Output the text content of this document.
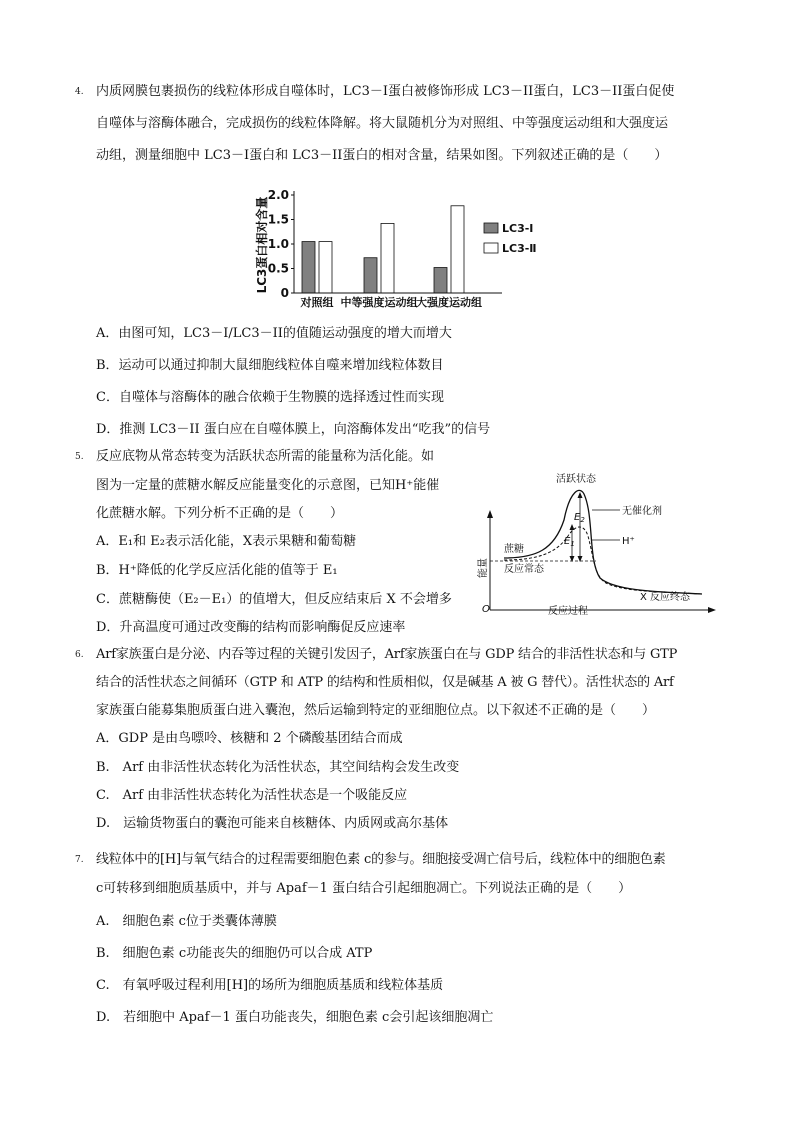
4. 内质网膜包裹损伤的线粒体形成自噬体时，LC3－I蛋白被修饰形成 LC3－II蛋白，LC3－II蛋白促使
自噬体与溶酶体融合，完成损伤的线粒体降解。将大鼠随机分为对照组、中等强度运动组和大强度运
动组，测量细胞中 LC3－I蛋白和 LC3－II蛋白的相对含量，结果如图。下列叙述正确的是（　　）
LC3蛋白相对含量 0
0.5
1.0
1.5
2.0
对照组 中等强度运动组
大强度运动组
LC3-Ⅰ
LC3-Ⅱ
A．由图可知，LC3－I/LC3－II的值随运动强度的增大而增大
B．运动可以通过抑制大鼠细胞线粒体自噬来增加线粒体数目
C．自噬体与溶酶体的融合依赖于生物膜的选择透过性而实现
D．推测 LC3－II 蛋白应在自噬体膜上，向溶酶体发出“吃我”的信号
5. 反应底物从常态转变为活跃状态所需的能量称为活化能。如
图为一定量的蔗糖水解反应能量变化的示意图，已知H⁺能催
化蔗糖水解。下列分析不正确的是（　　）
A．E₁和 E₂表示活化能，X表示果糖和葡萄糖
B．H⁺降低的化学反应活化能的值等于 E₁
C．蔗糖酶使（E₂－E₁）的值增大，但反应结束后 X 不会增多
D．升高温度可通过改变酶的结构而影响酶促反应速率
O
能量
反应过程
活跃状态
无催化剂
H⁺
$E_2$
$E_1$
蔗糖
反应常态
X 反应终态
6. Arf家族蛋白是分泌、内吞等过程的关键引发因子，Arf家族蛋白在与 GDP 结合的非活性状态和与 GTP
结合的活性状态之间循环（GTP 和 ATP 的结构和性质相似，仅是碱基 A 被 G 替代）。活性状态的 Arf
家族蛋白能募集胞质蛋白进入囊泡，然后运输到特定的亚细胞位点。以下叙述不正确的是（　　）
A．GDP 是由鸟嘌呤、核糖和 2 个磷酸基团结合而成
B.　Arf 由非活性状态转化为活性状态，其空间结构会发生改变
C.　Arf 由非活性状态转化为活性状态是一个吸能反应
D.　运输货物蛋白的囊泡可能来自核糖体、内质网或高尔基体
7. 线粒体中的[H]与氧气结合的过程需要细胞色素 c的参与。细胞接受凋亡信号后，线粒体中的细胞色素
c可转移到细胞质基质中，并与 Apaf－1 蛋白结合引起细胞凋亡。下列说法正确的是（　　）
A.　细胞色素 c位于类囊体薄膜
B.　细胞色素 c功能丧失的细胞仍可以合成 ATP
C.　有氧呼吸过程利用[H]的场所为细胞质基质和线粒体基质
D.　若细胞中 Apaf－1 蛋白功能丧失，细胞色素 c会引起该细胞凋亡
